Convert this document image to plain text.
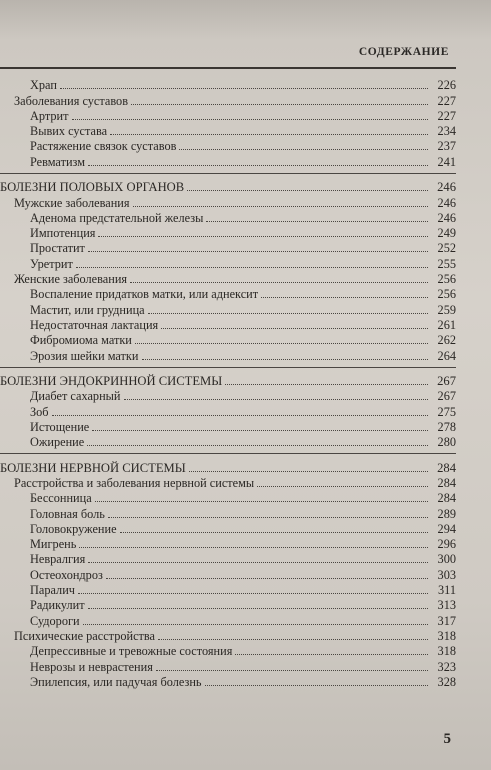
СОДЕРЖАНИЕ
Храп	226
Заболевания суставов	227
Артрит	227
Вывих сустава	234
Растяжение связок суставов	237
Ревматизм	241
БОЛЕЗНИ ПОЛОВЫХ ОРГАНОВ	246
Мужские заболевания	246
Аденома предстательной железы	246
Импотенция	249
Простатит	252
Уретрит	255
Женские заболевания	256
Воспаление придатков матки, или аднексит	256
Мастит, или грудница	259
Недостаточная лактация	261
Фибромиома матки	262
Эрозия шейки матки	264
БОЛЕЗНИ ЭНДОКРИННОЙ СИСТЕМЫ	267
Диабет сахарный	267
Зоб	275
Истощение	278
Ожирение	280
БОЛЕЗНИ НЕРВНОЙ СИСТЕМЫ	284
Расстройства и заболевания нервной системы	284
Бессонница	284
Головная боль	289
Головокружение	294
Мигрень	296
Невралгия	300
Остеохондроз	303
Паралич	311
Радикулит	313
Судороги	317
Психические расстройства	318
Депрессивные и тревожные состояния	318
Неврозы и неврастения	323
Эпилепсия, или падучая болезнь	328
5
